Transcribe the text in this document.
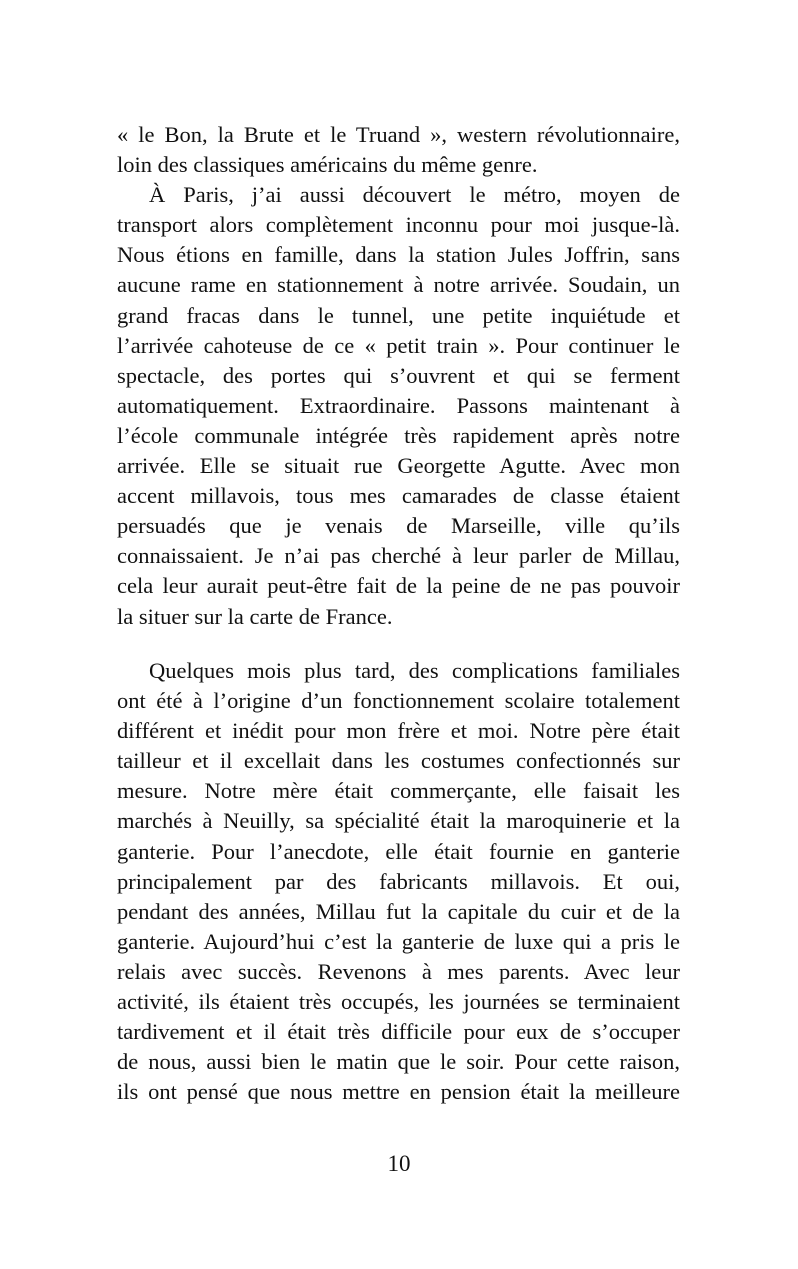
« le Bon, la Brute et le Truand », western révolutionnaire,

loin des classiques américains du même genre.

À Paris, j’ai aussi découvert le métro, moyen de

transport alors complètement inconnu pour moi jusque-là.

Nous étions en famille, dans la station Jules Joffrin, sans

aucune rame en stationnement à notre arrivée. Soudain, un

grand fracas dans le tunnel, une petite inquiétude et

l’arrivée cahoteuse de ce « petit train ». Pour continuer le

spectacle, des portes qui s’ouvrent et qui se ferment

automatiquement. Extraordinaire. Passons maintenant à

l’école communale intégrée très rapidement après notre

arrivée. Elle se situait rue Georgette Agutte. Avec mon

accent millavois, tous mes camarades de classe étaient

persuadés que je venais de Marseille, ville qu’ils

connaissaient. Je n’ai pas cherché à leur parler de Millau,

cela leur aurait peut-être fait de la peine de ne pas pouvoir

la situer sur la carte de France.

Quelques mois plus tard, des complications familiales

ont été à l’origine d’un fonctionnement scolaire totalement

différent et inédit pour mon frère et moi. Notre père était

tailleur et il excellait dans les costumes confectionnés sur

mesure. Notre mère était commerçante, elle faisait les

marchés à Neuilly, sa spécialité était la maroquinerie et la

ganterie. Pour l’anecdote, elle était fournie en ganterie

principalement par des fabricants millavois. Et oui,

pendant des années, Millau fut la capitale du cuir et de la

ganterie. Aujourd’hui c’est la ganterie de luxe qui a pris le

relais avec succès. Revenons à mes parents. Avec leur

activité, ils étaient très occupés, les journées se terminaient

tardivement et il était très difficile pour eux de s’occuper

de nous, aussi bien le matin que le soir. Pour cette raison,

ils ont pensé que nous mettre en pension était la meilleure

10
